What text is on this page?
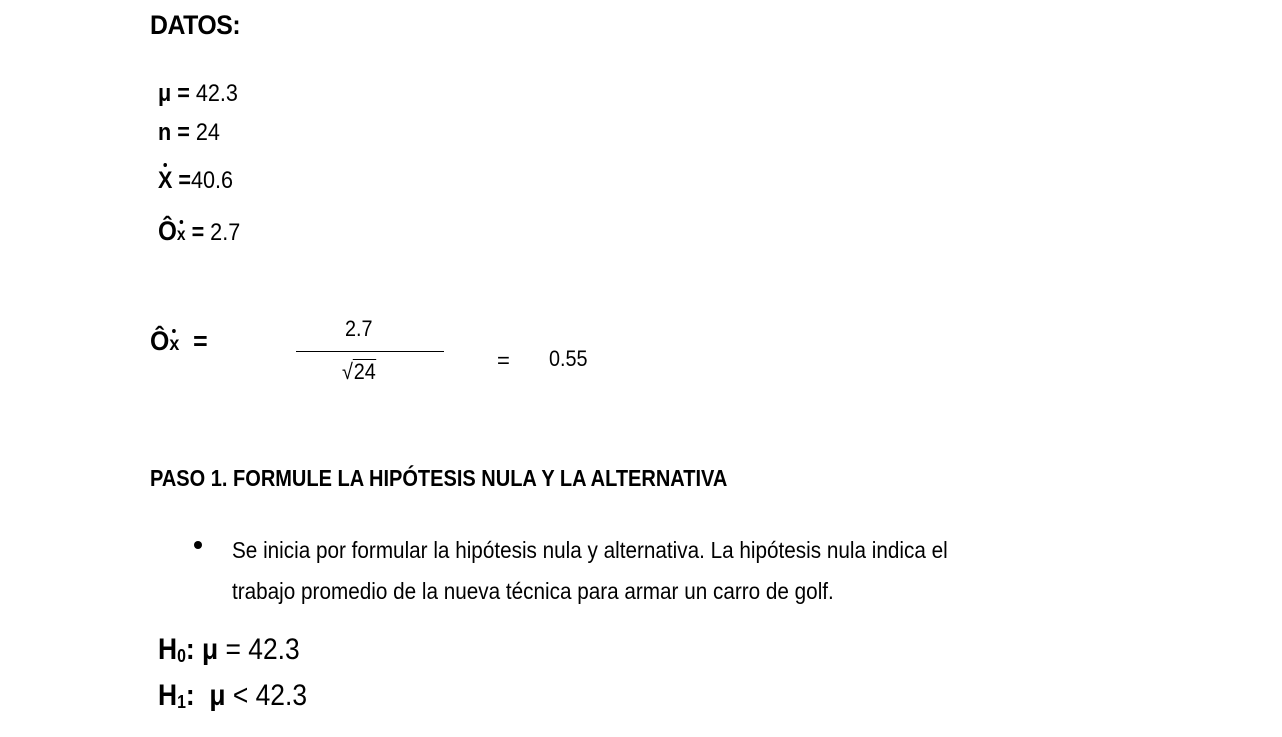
DATOS:
μ = 42.3
n = 24
X =40.6
Ôx = 2.7
Ôx =	2.7
√24	= 0.55
PASO 1. FORMULE LA HIPÓTESIS NULA Y LA ALTERNATIVA
Se inicia por formular la hipótesis nula y alternativa. La hipótesis nula indica el
trabajo promedio de la nueva técnica para armar un carro de golf.
$H_0$: μ = 42.3
$H_1$: μ < 42.3
